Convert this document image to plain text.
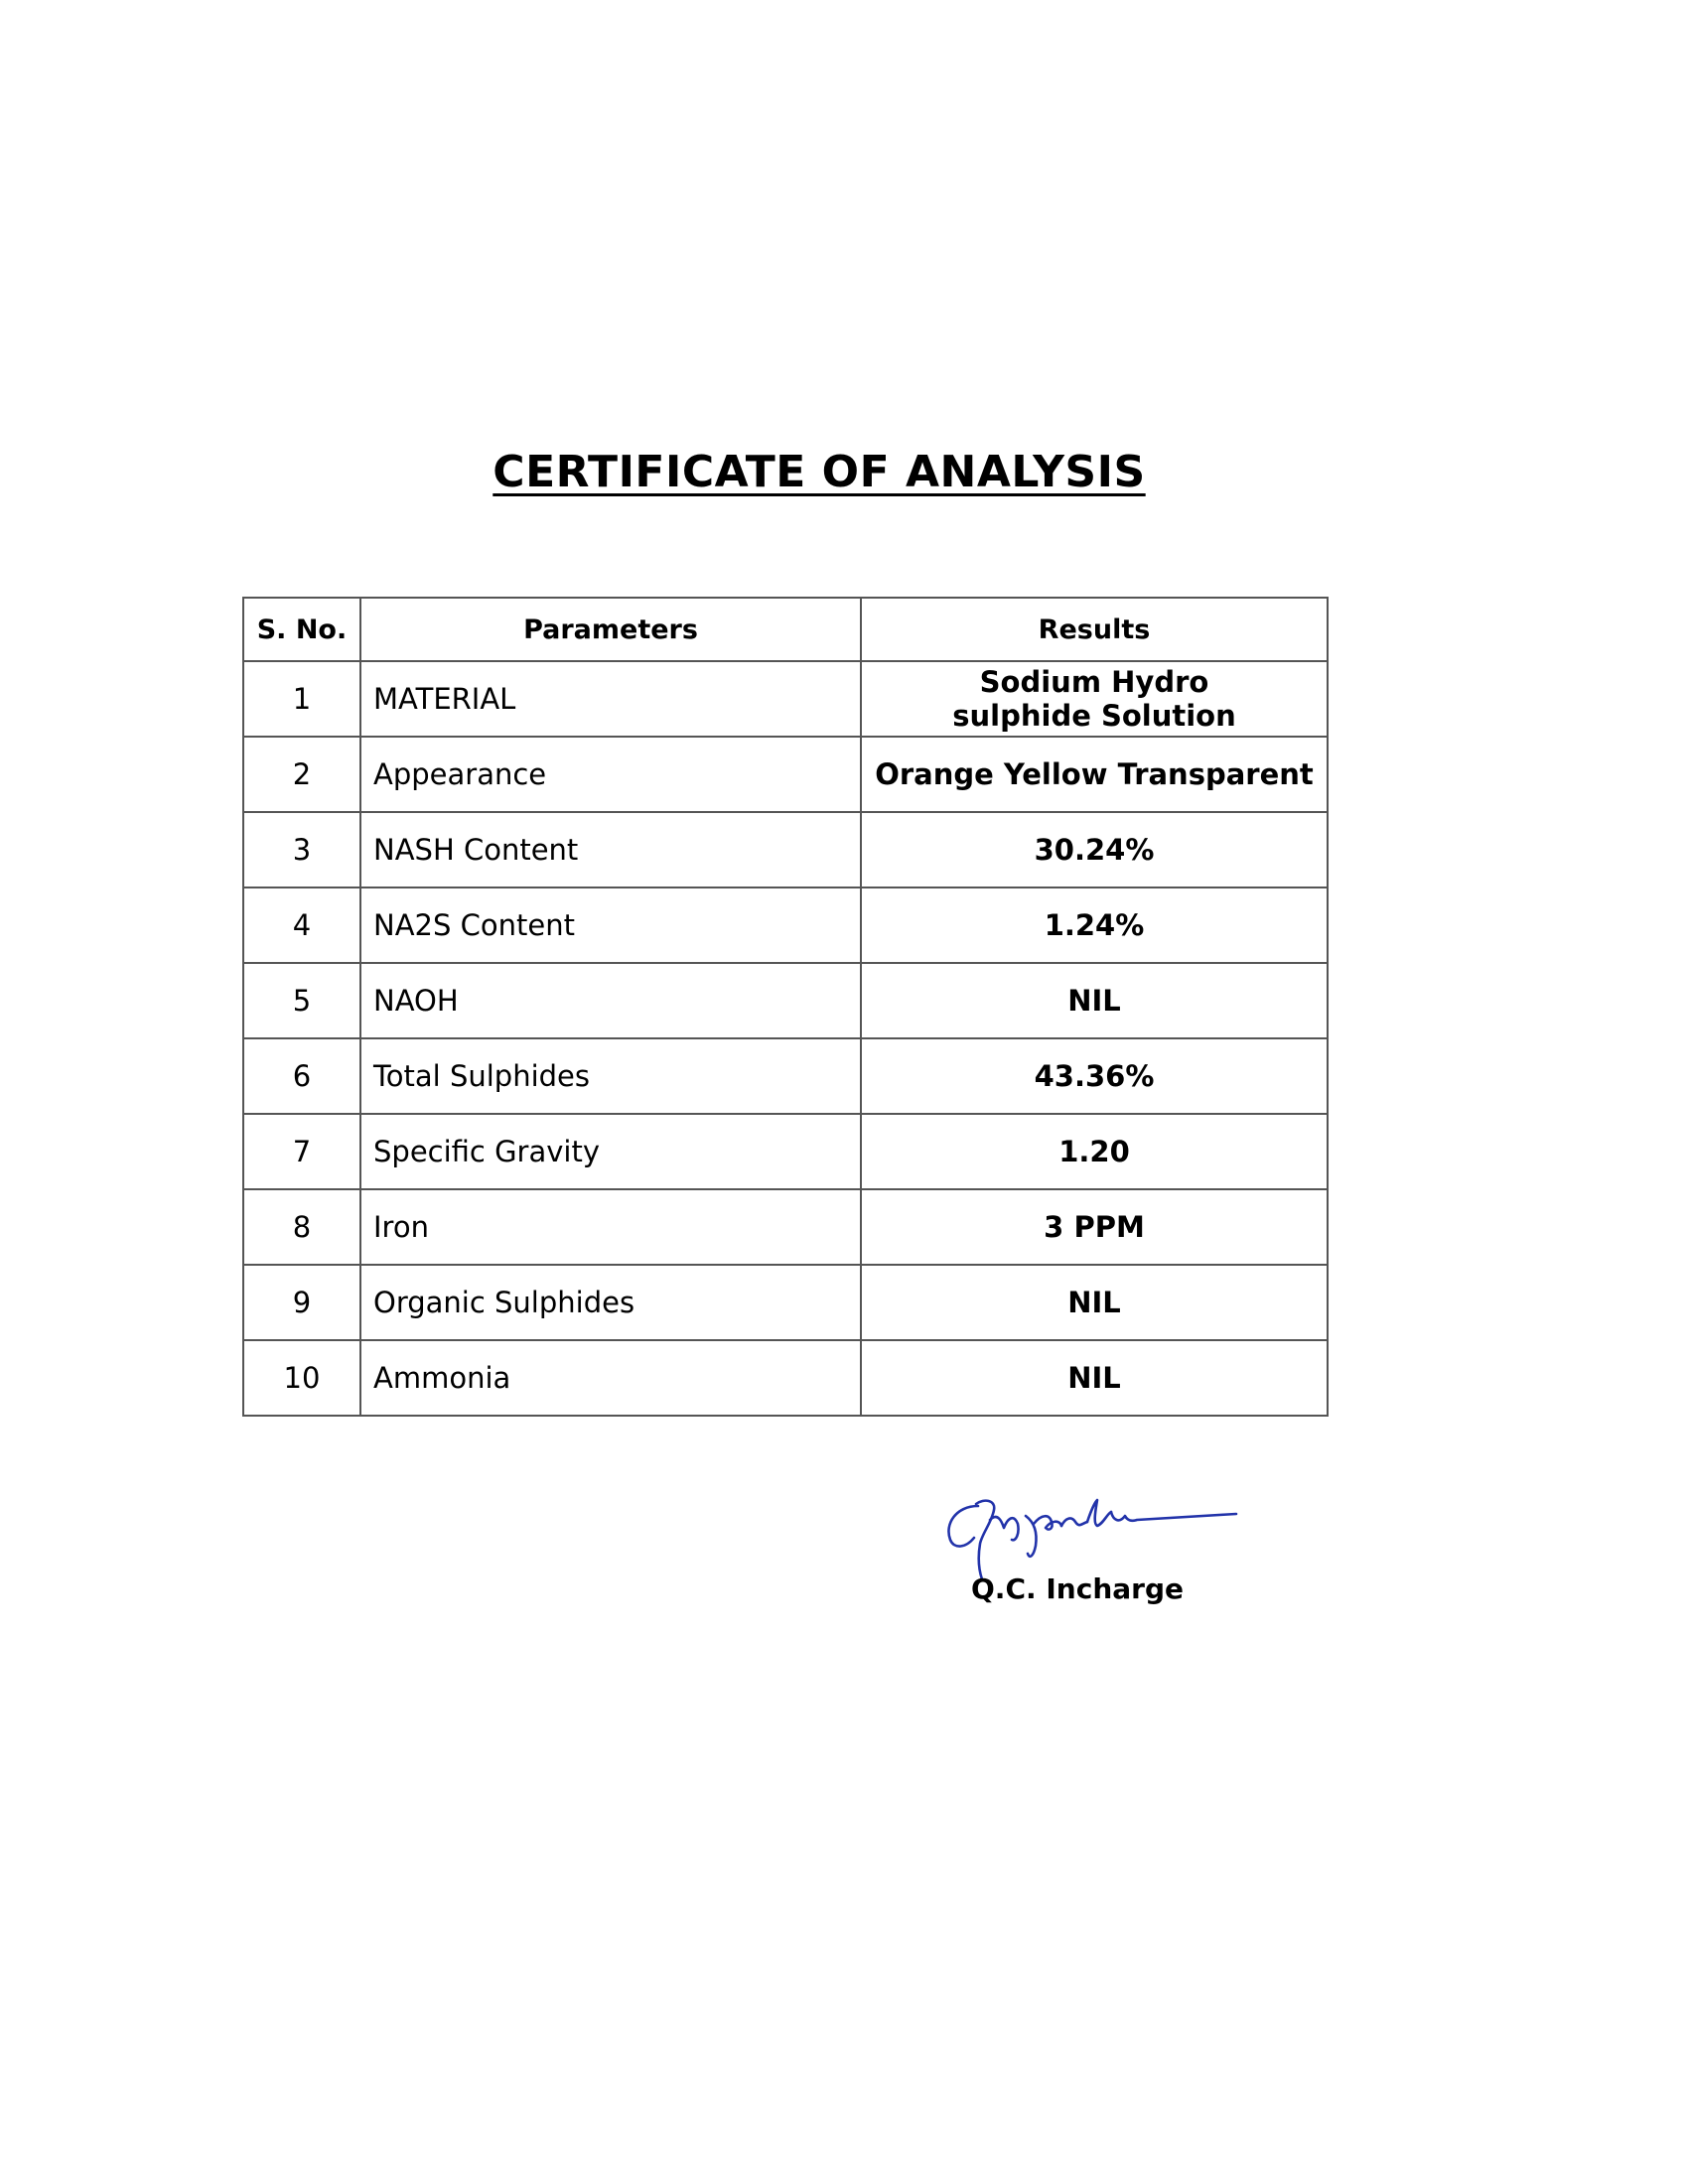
CERTIFICATE OF ANALYSIS
S. No.	Parameters	Results
1	MATERIAL	Sodium Hydro sulphide Solution
2	Appearance	Orange Yellow Transparent
3	NASH Content	30.24%
4	NA2S Content	1.24%
5	NAOH	NIL
6	Total Sulphides	43.36%
7	Specific Gravity	1.20
8	Iron	3 PPM
9	Organic Sulphides	NIL
10	Ammonia	NIL
Q.C. Incharge
